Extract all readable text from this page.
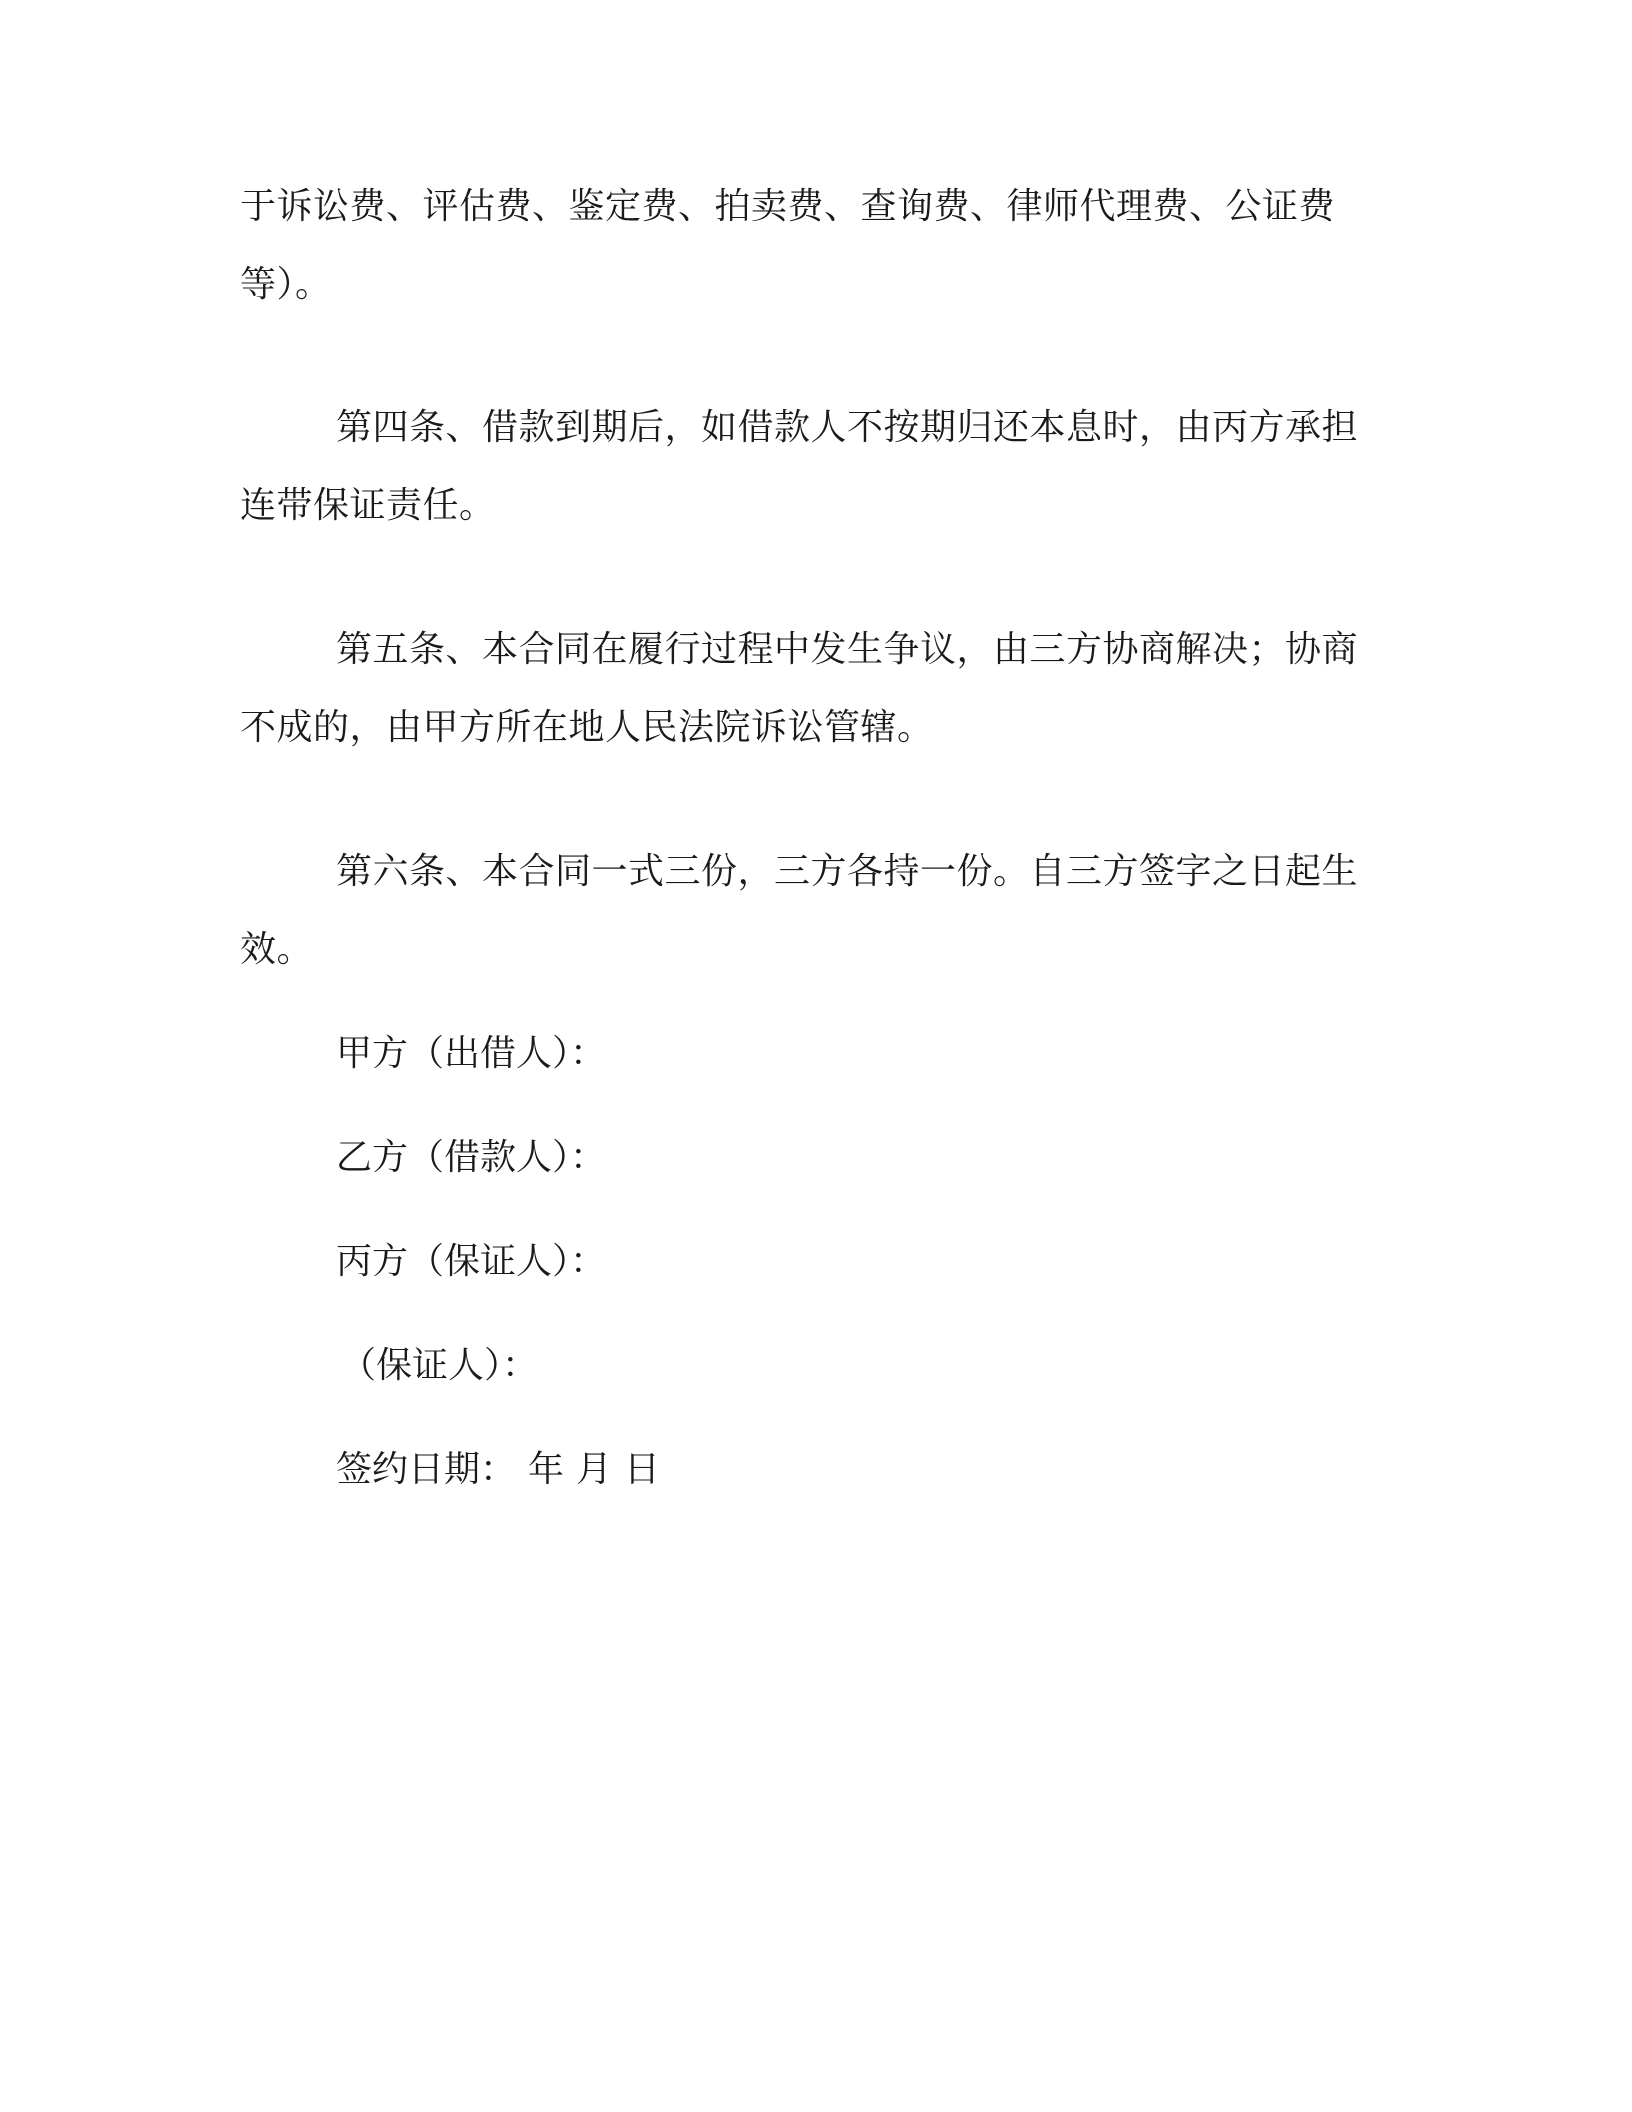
于诉讼费、评估费、鉴定费、拍卖费、查询费、律师代理费、公证费
等）。
第四条、借款到期后，如借款人不按期归还本息时，由丙方承担
连带保证责任。
第五条、本合同在履行过程中发生争议，由三方协商解决；协商
不成的，由甲方所在地人民法院诉讼管辖。
第六条、本合同一式三份，三方各持一份。自三方签字之日起生
效。
甲方（出借人）：
乙方（借款人）：
丙方（保证人）：
（保证人）：
签约日期： 年 月 日
